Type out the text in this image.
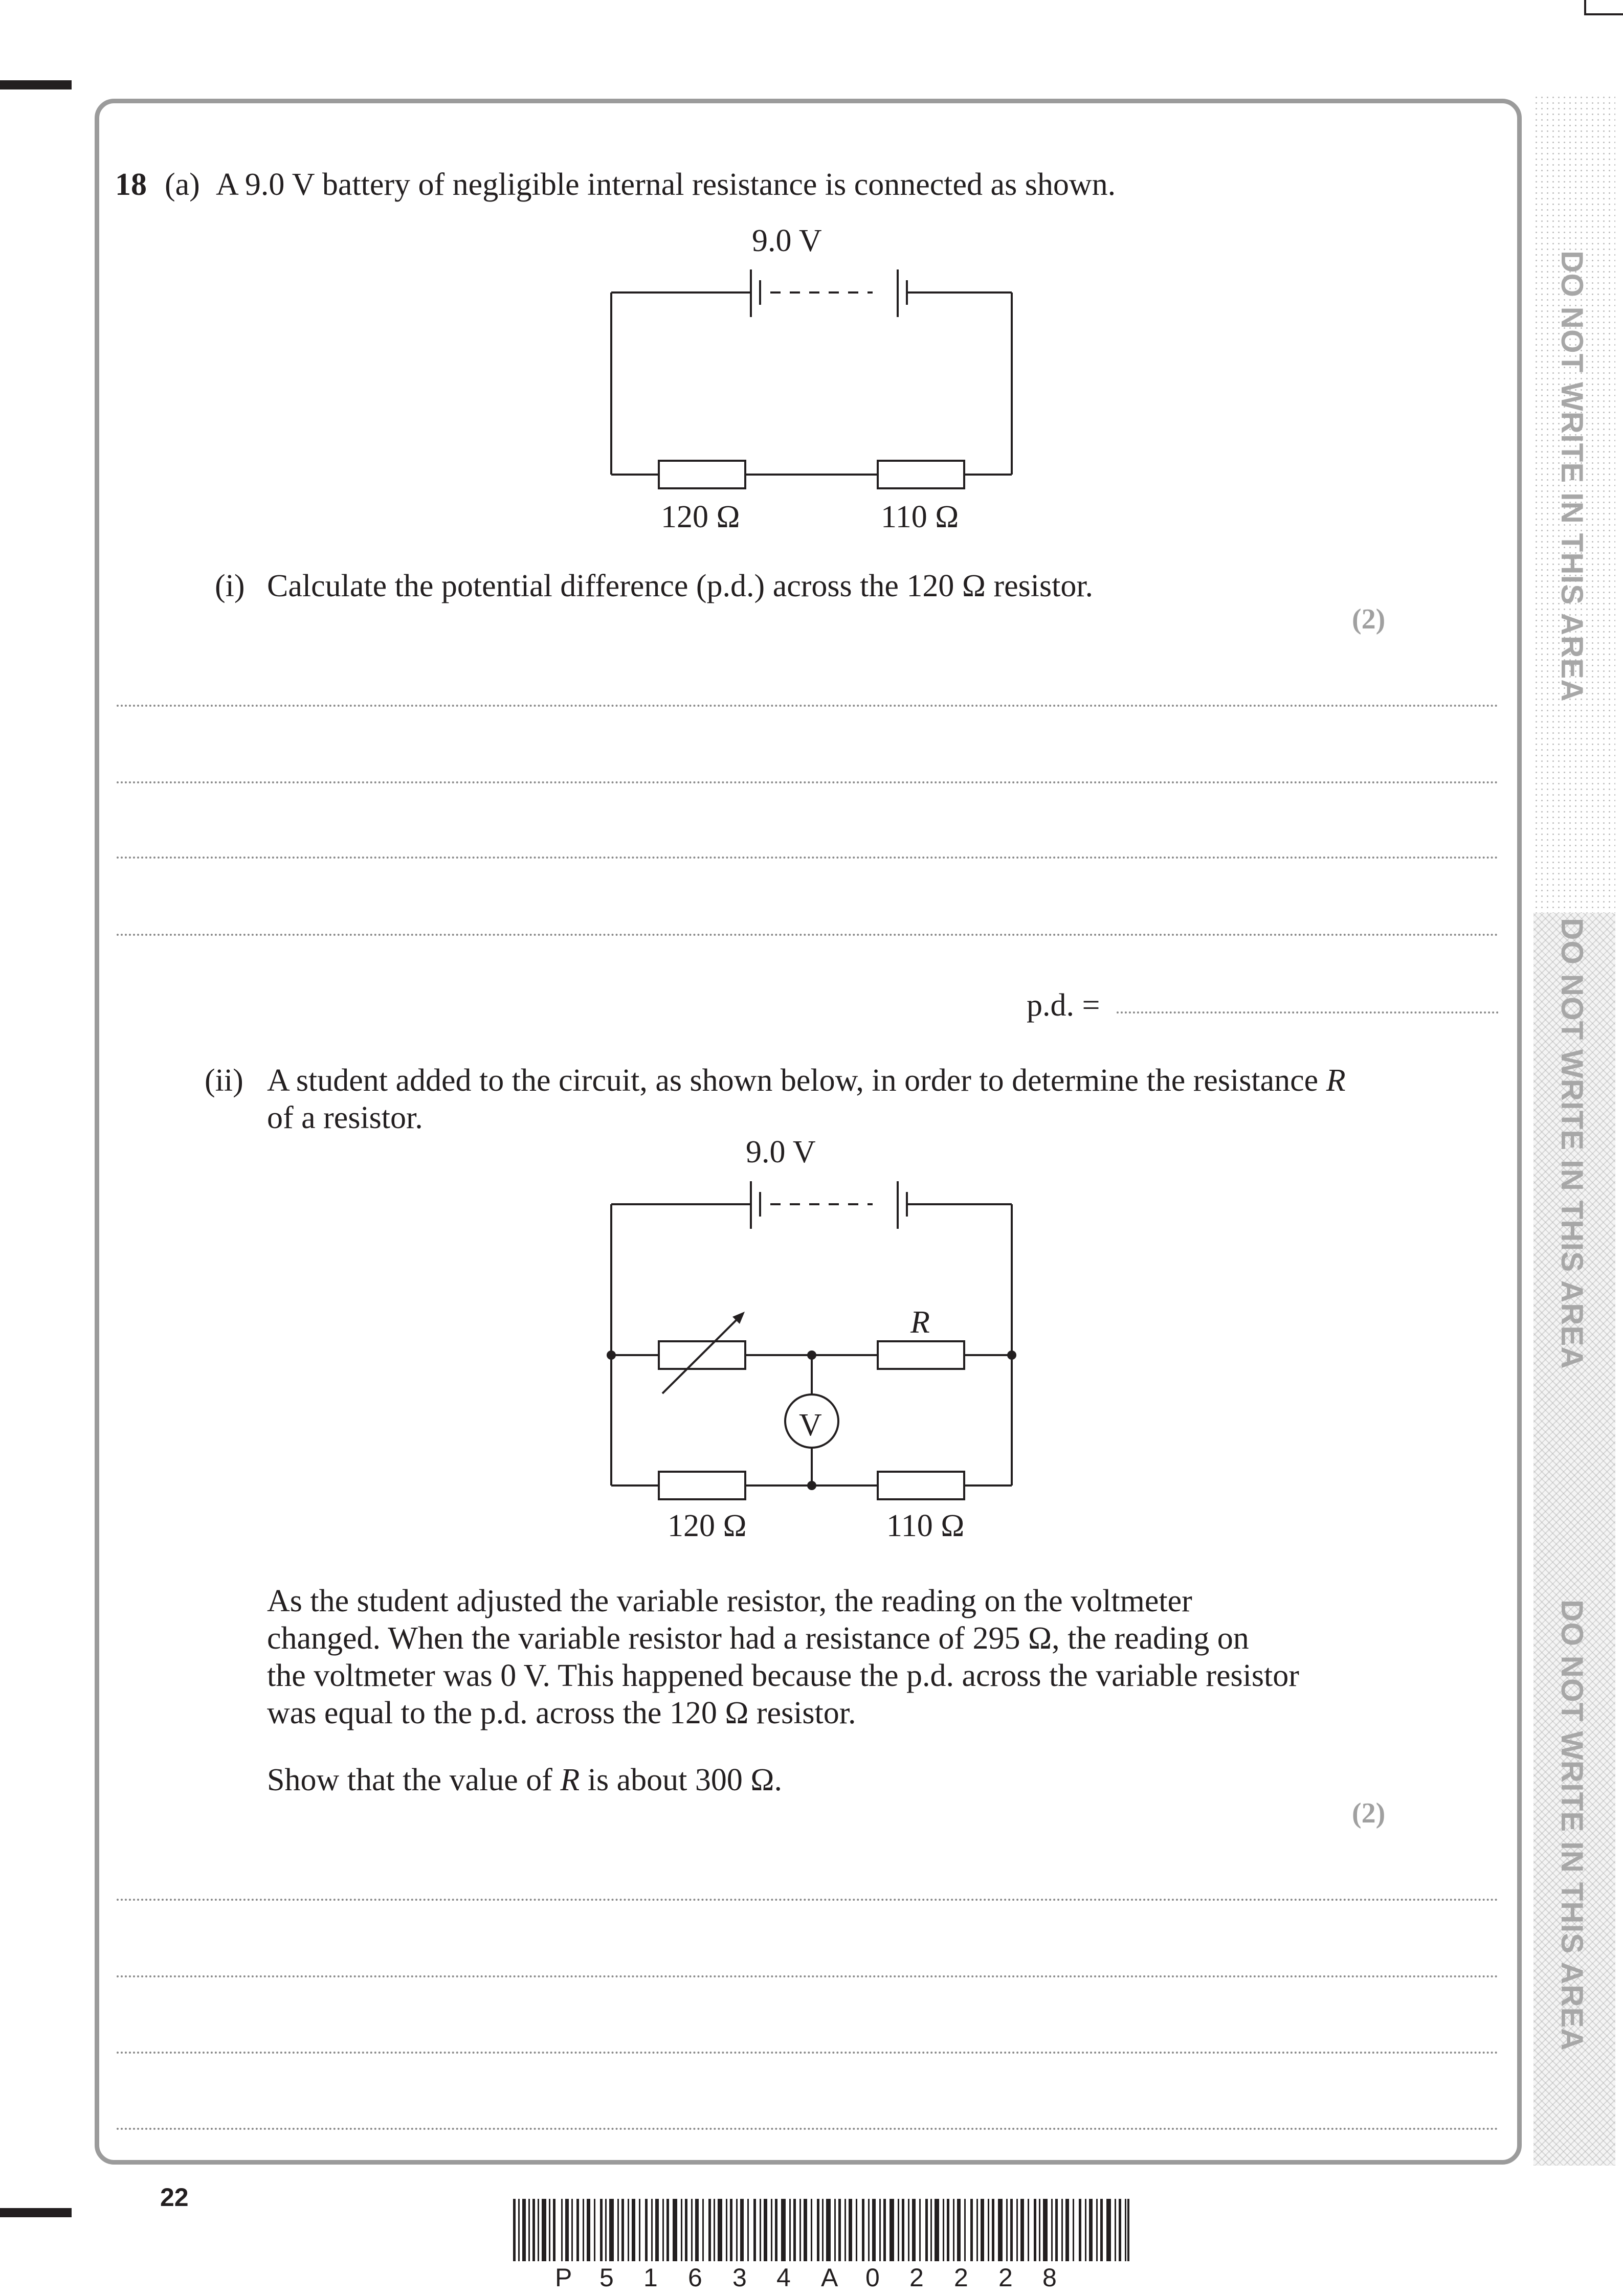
DO NOT WRITE IN THIS AREA
DO NOT WRITE IN THIS AREA
DO NOT WRITE IN THIS AREA
18 (a) A 9.0 V battery of negligible internal resistance is connected as shown.
9.0 V
120 Ω	110 Ω
(i) Calculate the potential difference (p.d.) across the 120 Ω resistor.
(2)
p.d. =
(ii) A student added to the circuit, as shown below, in order to determine the resistance R
of a resistor.
9.0 V
R
V
120 Ω	110 Ω
As the student adjusted the variable resistor, the reading on the voltmeter
changed. When the variable resistor had a resistance of 295 Ω, the reading on
the voltmeter was 0 V. This happened because the p.d. across the variable resistor
was equal to the p.d. across the 120 Ω resistor.
Show that the value of R is about 300 Ω.
(2)
22
P 5 1 6 3 4 A 0 2 2 2 8
